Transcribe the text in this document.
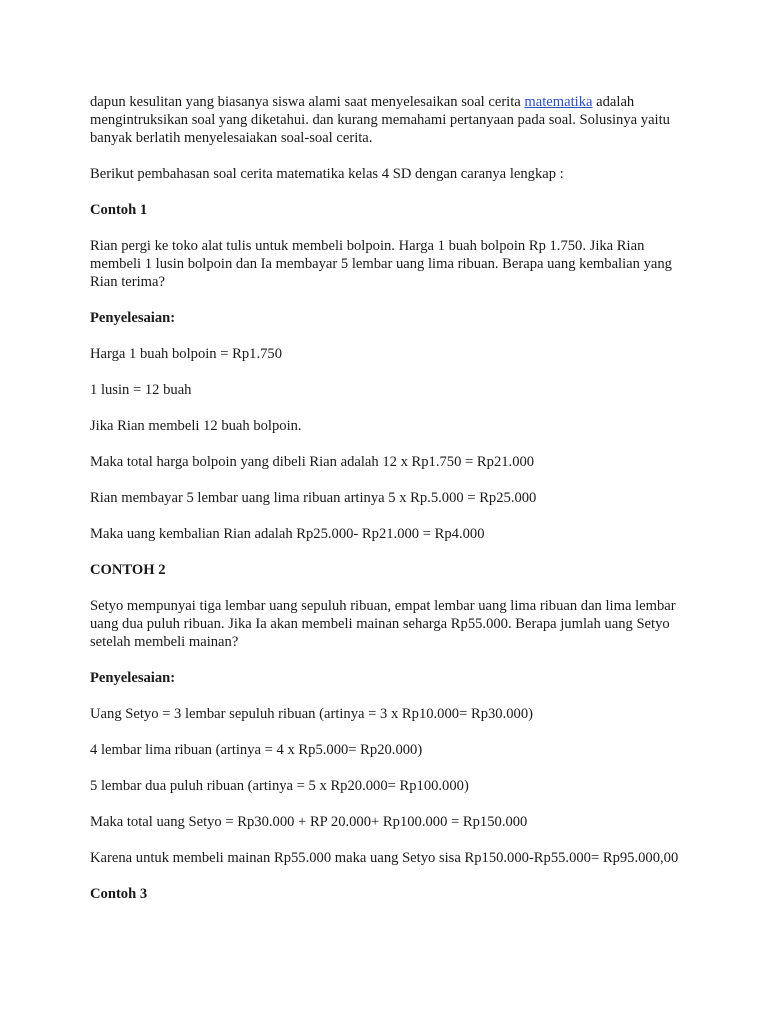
dapun kesulitan yang biasanya siswa alami saat menyelesaikan soal cerita matematika adalah mengintruksikan soal yang diketahui. dan kurang memahami pertanyaan pada soal. Solusinya yaitu banyak berlatih menyelesaiakan soal-soal cerita.

Berikut pembahasan soal cerita matematika kelas 4 SD dengan caranya lengkap :

Contoh 1

Rian pergi ke toko alat tulis untuk membeli bolpoin. Harga 1 buah bolpoin Rp 1.750. Jika Rian membeli 1 lusin bolpoin dan Ia membayar 5 lembar uang lima ribuan. Berapa uang kembalian yang Rian terima?

Penyelesaian:

Harga 1 buah bolpoin = Rp1.750

1 lusin = 12 buah

Jika Rian membeli 12 buah bolpoin.

Maka total harga bolpoin yang dibeli Rian adalah 12 x Rp1.750 = Rp21.000

Rian membayar 5 lembar uang lima ribuan artinya 5 x Rp.5.000 = Rp25.000

Maka uang kembalian Rian adalah Rp25.000- Rp21.000 = Rp4.000

CONTOH 2

Setyo mempunyai tiga lembar uang sepuluh ribuan, empat lembar uang lima ribuan dan lima lembar uang dua puluh ribuan. Jika Ia akan membeli mainan seharga Rp55.000. Berapa jumlah uang Setyo setelah membeli mainan?

Penyelesaian:

Uang Setyo = 3 lembar sepuluh ribuan (artinya = 3 x Rp10.000= Rp30.000)

4 lembar lima ribuan (artinya = 4 x Rp5.000= Rp20.000)

5 lembar dua puluh ribuan (artinya = 5 x Rp20.000= Rp100.000)

Maka total uang Setyo = Rp30.000 + RP 20.000+ Rp100.000 = Rp150.000

Karena untuk membeli mainan Rp55.000 maka uang Setyo sisa Rp150.000-Rp55.000= Rp95.000,00

Contoh 3
